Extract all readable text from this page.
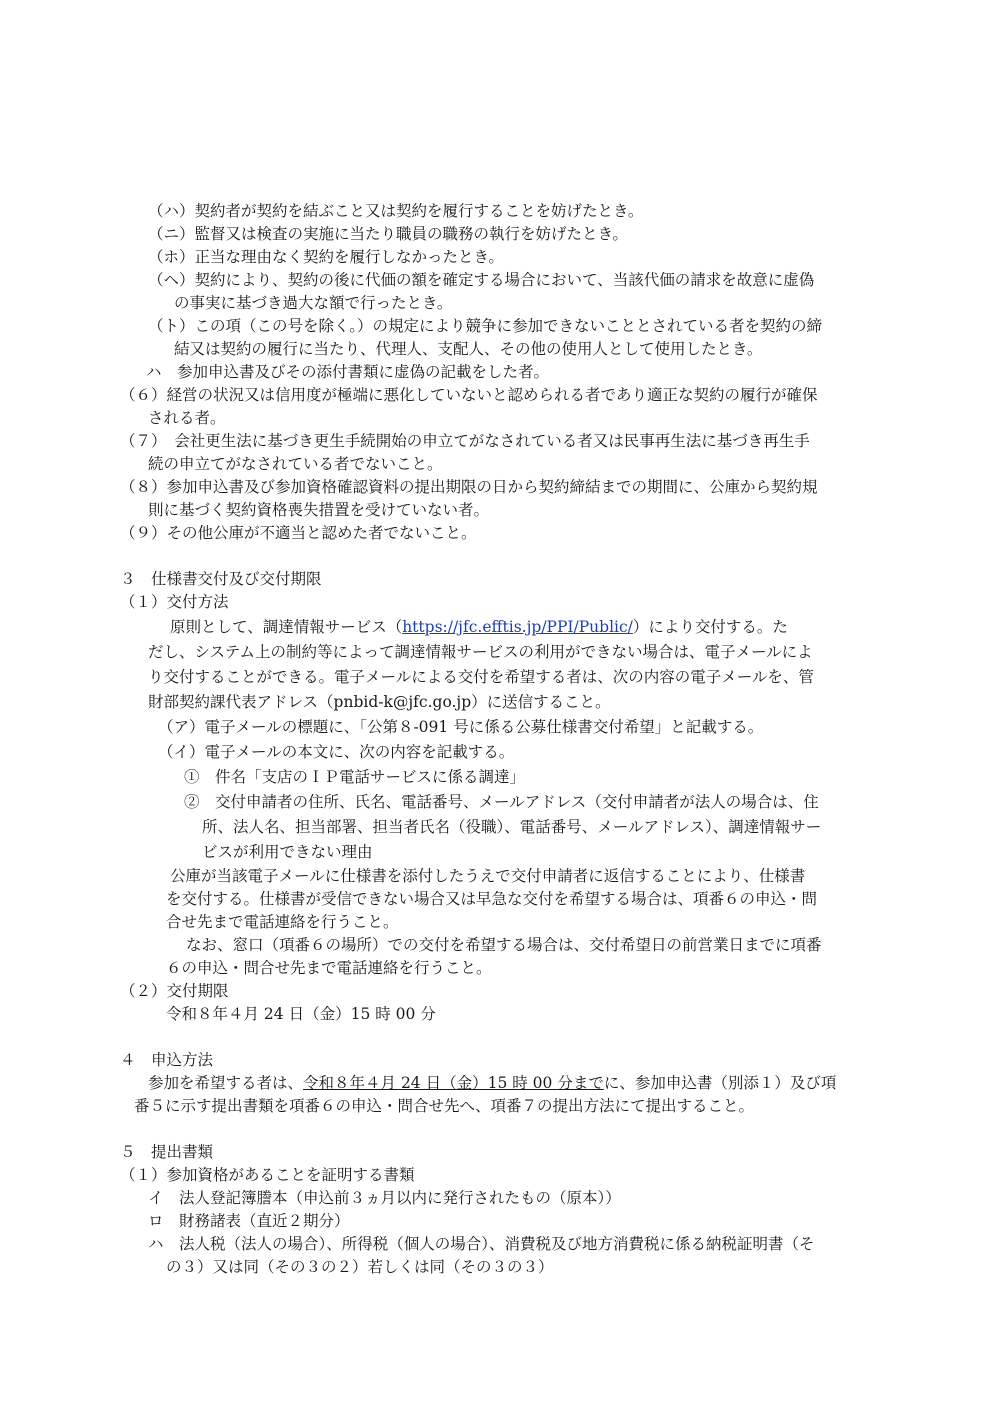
（ハ）契約者が契約を結ぶこと又は契約を履行することを妨げたとき。
（ニ）監督又は検査の実施に当たり職員の職務の執行を妨げたとき。
（ホ）正当な理由なく契約を履行しなかったとき。
（ヘ）契約により、契約の後に代価の額を確定する場合において、当該代価の請求を故意に虚偽
の事実に基づき過大な額で行ったとき。
（ト）この項（この号を除く。）の規定により競争に参加できないこととされている者を契約の締
結又は契約の履行に当たり、代理人、支配人、その他の使用人として使用したとき。
ハ　参加申込書及びその添付書類に虚偽の記載をした者。
（６）経営の状況又は信用度が極端に悪化していないと認められる者であり適正な契約の履行が確保
される者。
（７）　会社更生法に基づき更生手続開始の申立てがなされている者又は民事再生法に基づき再生手
続の申立てがなされている者でないこと。
（８）参加申込書及び参加資格確認資料の提出期限の日から契約締結までの期間に、公庫から契約規
則に基づく契約資格喪失措置を受けていない者。
（９）その他公庫が不適当と認めた者でないこと。
３　仕様書交付及び交付期限
（１）交付方法
原則として、調達情報サービス（https://jfc.efftis.jp/PPI/Public/）により交付する。た
だし、システム上の制約等によって調達情報サービスの利用ができない場合は、電子メールによ
り交付することができる。電子メールによる交付を希望する者は、次の内容の電子メールを、管
財部契約課代表アドレス（pnbid-k@jfc.go.jp）に送信すること。
（ア）電子メールの標題に、「公第８-091 号に係る公募仕様書交付希望」と記載する。
（イ）電子メールの本文に、次の内容を記載する。
①　件名「支店のＩＰ電話サービスに係る調達」
②　交付申請者の住所、氏名、電話番号、メールアドレス（交付申請者が法人の場合は、住
所、法人名、担当部署、担当者氏名（役職）、電話番号、メールアドレス）、調達情報サー
ビスが利用できない理由
公庫が当該電子メールに仕様書を添付したうえで交付申請者に返信することにより、仕様書
を交付する。仕様書が受信できない場合又は早急な交付を希望する場合は、項番６の申込・問
合せ先まで電話連絡を行うこと。
なお、窓口（項番６の場所）での交付を希望する場合は、交付希望日の前営業日までに項番
６の申込・問合せ先まで電話連絡を行うこと。
（２）交付期限
令和８年４月 24 日（金）15 時 00 分
４　申込方法
参加を希望する者は、令和８年４月 24 日（金）15 時 00 分までに、参加申込書（別添１）及び項
番５に示す提出書類を項番６の申込・問合せ先へ、項番７の提出方法にて提出すること。
５　提出書類
（１）参加資格があることを証明する書類
イ　法人登記簿謄本（申込前３ヵ月以内に発行されたもの（原本））
ロ　財務諸表（直近２期分）
ハ　法人税（法人の場合）、所得税（個人の場合）、消費税及び地方消費税に係る納税証明書（そ
の３）又は同（その３の２）若しくは同（その３の３）
